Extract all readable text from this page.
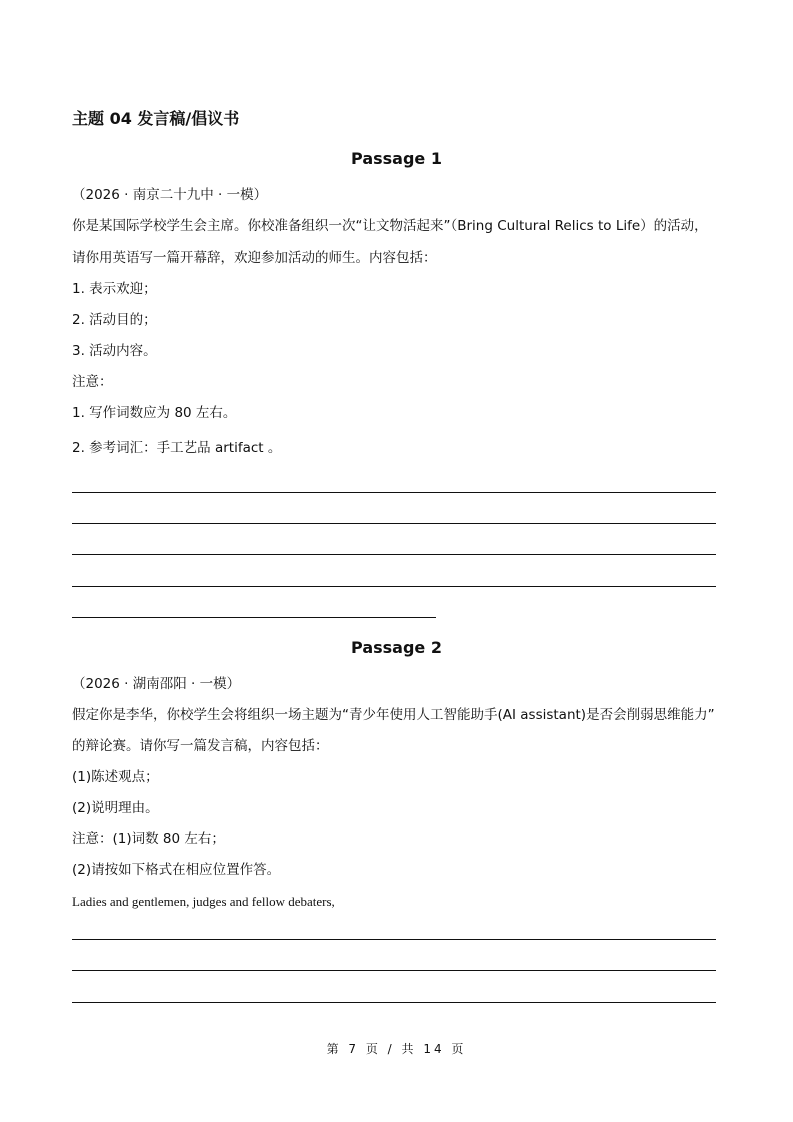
主题 04 发言稿/倡议书
Passage 1
（2026 · 南京二十九中 · 一模）
你是某国际学校学生会主席。你校准备组织一次“让文物活起来”（Bring Cultural Relics to Life）的活动，
请你用英语写一篇开幕辞，欢迎参加活动的师生。内容包括：
1. 表示欢迎；
2. 活动目的；
3. 活动内容。
注意：
1. 写作词数应为 80 左右。
2. 参考词汇：手工艺品 artifact 。
Passage 2
（2026 · 湖南邵阳 · 一模）
假定你是李华，你校学生会将组织一场主题为“青少年使用人工智能助手(AI assistant)是否会削弱思维能力”
的辩论赛。请你写一篇发言稿，内容包括：
(1)陈述观点；
(2)说明理由。
注意：(1)词数 80 左右；
(2)请按如下格式在相应位置作答。
Ladies and gentlemen, judges and fellow debaters,
第 7 页 / 共 14 页
